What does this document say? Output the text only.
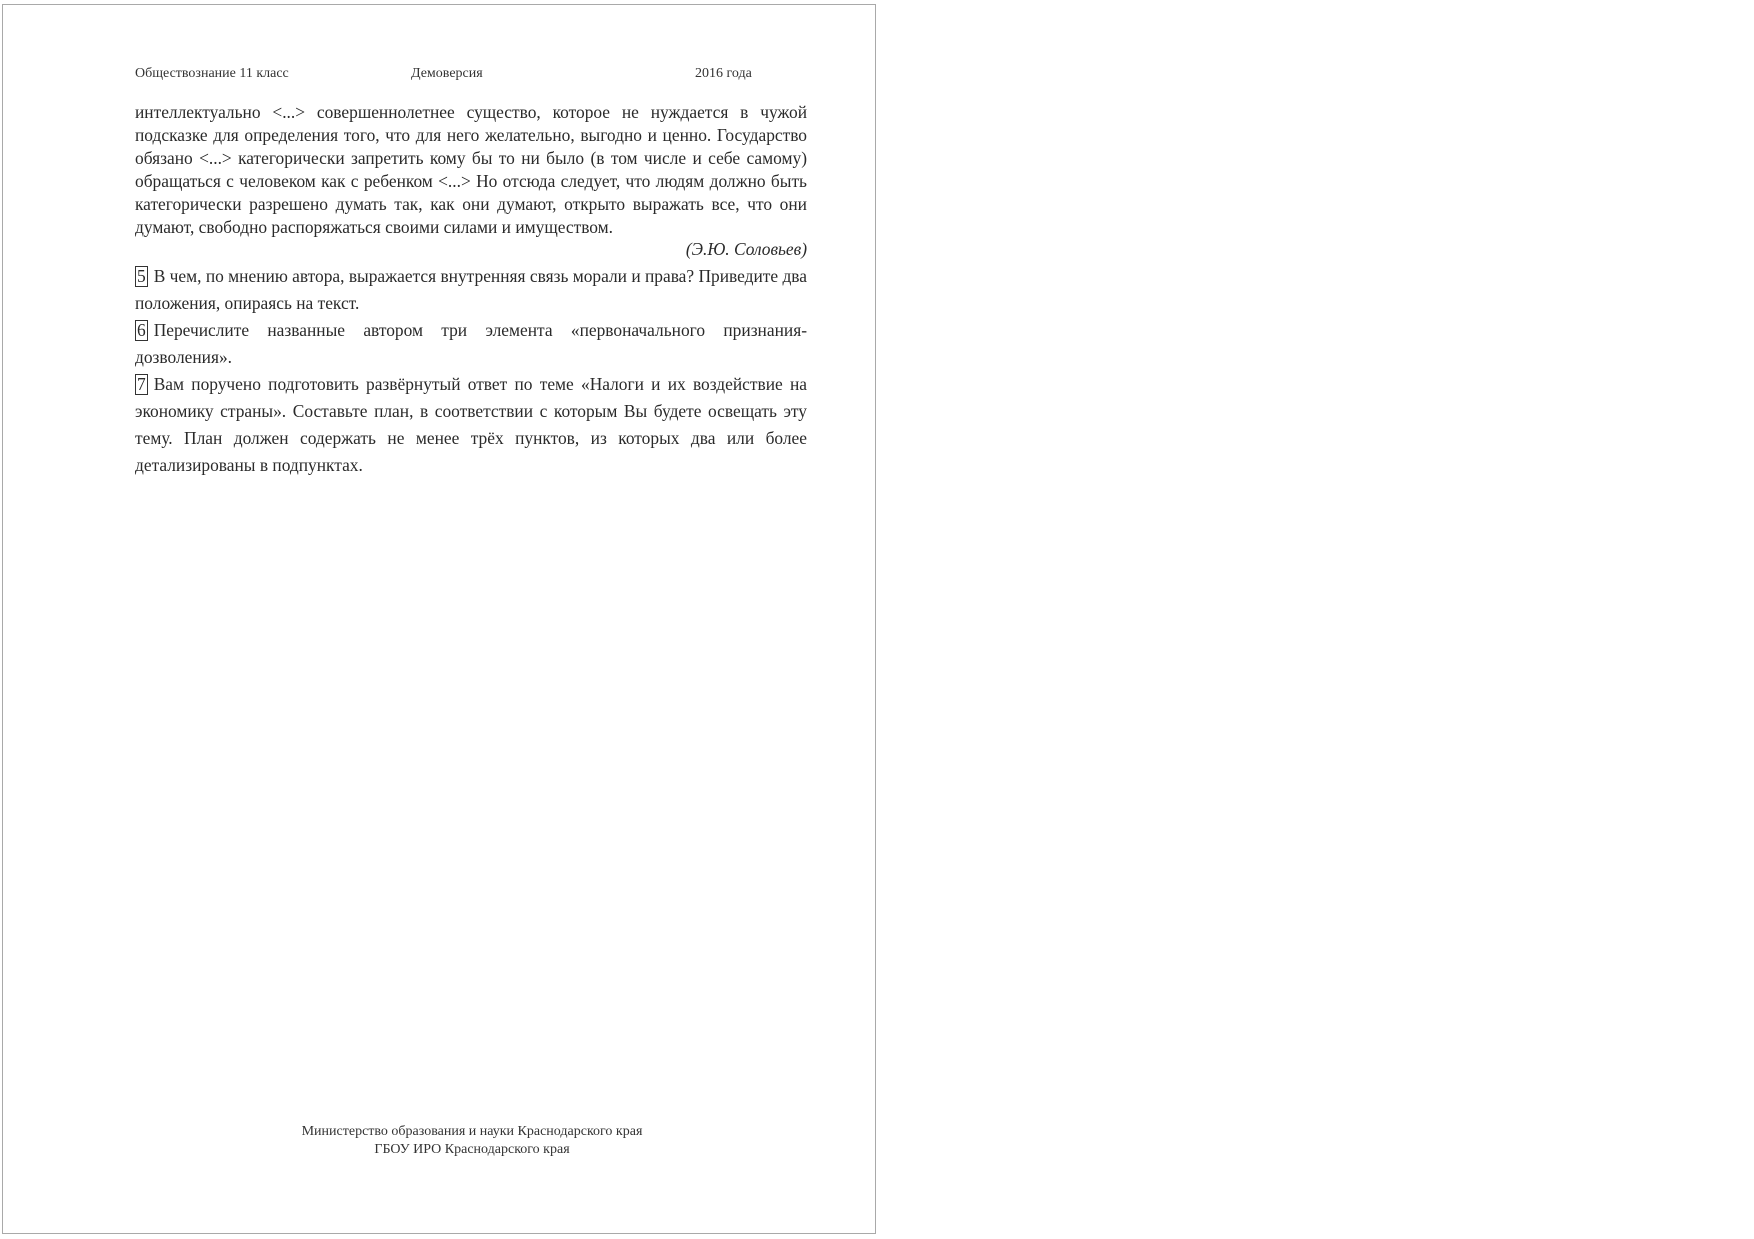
Обществознание 11 класс	Демоверсия	2016 года

интеллектуально <...> совершеннолетнее существо, которое не нуждается в чужой подсказке для определения того, что для него желательно, выгодно и ценно. Государство обязано <...> категорически запретить кому бы то ни было (в том числе и себе самому) обращаться с человеком как с ребенком <...> Но отсюда следует, что людям должно быть категорически разрешено думать так, как они думают, открыто выражать все, что они думают, свободно распоряжаться своими силами и имуществом.

(Э.Ю. Соловьев)

5 В чем, по мнению автора, выражается внутренняя связь морали и права? Приведите два положения, опираясь на текст.

6 Перечислите названные автором три элемента «первоначального признания-дозволения».

7 Вам поручено подготовить развёрнутый ответ по теме «Налоги и их воздействие на экономику страны». Составьте план, в соответствии с которым Вы будете освещать эту тему. План должен содержать не менее трёх пунктов, из которых два или более детализированы в подпунктах.

Министерство образования и науки Краснодарского края
ГБОУ ИРО Краснодарского края
